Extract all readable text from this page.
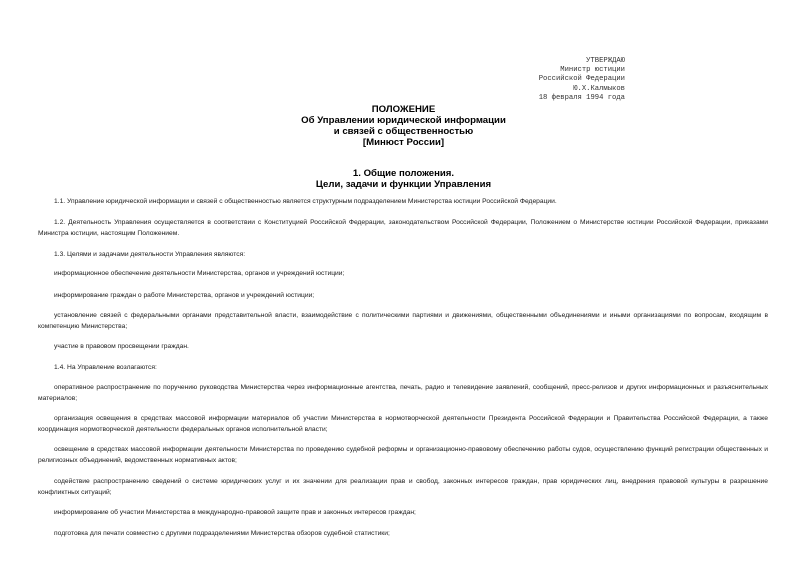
УТВЕРЖДАЮ
Министр юстиции
Российской Федерации
Ю.Х.Калмыков
18 февраля 1994 года
ПОЛОЖЕНИЕ
Об Управлении юридической информации
и связей с общественностью
[Минюст России]
1. Общие положения.
Цели, задачи и функции Управления

1.1. Управление юридической информации и связей с общественностью является структурным подразделением Министерства юстиции Российской Федерации.

1.2. Деятельность Управления осуществляется в соответствии с Конституцией Российской Федерации, законодательством Российской Федерации, Положением о Министерстве юстиции Российской Федерации, приказами Министра юстиции, настоящим Положением.

1.3. Целями и задачами деятельности Управления являются:

информационное обеспечение деятельности Министерства, органов и учреждений юстиции;

информирование граждан о работе Министерства, органов и учреждений юстиции;

установление связей с федеральными органами представительной власти, взаимодействие с политическими партиями и движениями, общественными объединениями и иными организациями по вопросам, входящим в компетенцию Министерства;

участие в правовом просвещении граждан.

1.4. На Управление возлагаются:

оперативное распространение по поручению руководства Министерства через информационные агентства, печать, радио и телевидение заявлений, сообщений, пресс-релизов и других информационных и разъяснительных материалов;

организация освещения в средствах массовой информации материалов об участии Министерства в нормотворческой деятельности Президента Российской Федерации и Правительства Российской Федерации, а также координация нормотворческой деятельности федеральных органов исполнительной власти;

освещение в средствах массовой информации деятельности Министерства по проведению судебной реформы и организационно-правовому обеспечению работы судов, осуществлению функций регистрации общественных и религиозных объединений, ведомственных нормативных актов;

содействие распространению сведений о системе юридических услуг и их значении для реализации прав и свобод, законных интересов граждан, прав юридических лиц, внедрения правовой культуры в разрешение конфликтных ситуаций;

информирование об участии Министерства в международно-правовой защите прав и законных интересов граждан;

подготовка для печати совместно с другими подразделениями Министерства обзоров судебной статистики;
